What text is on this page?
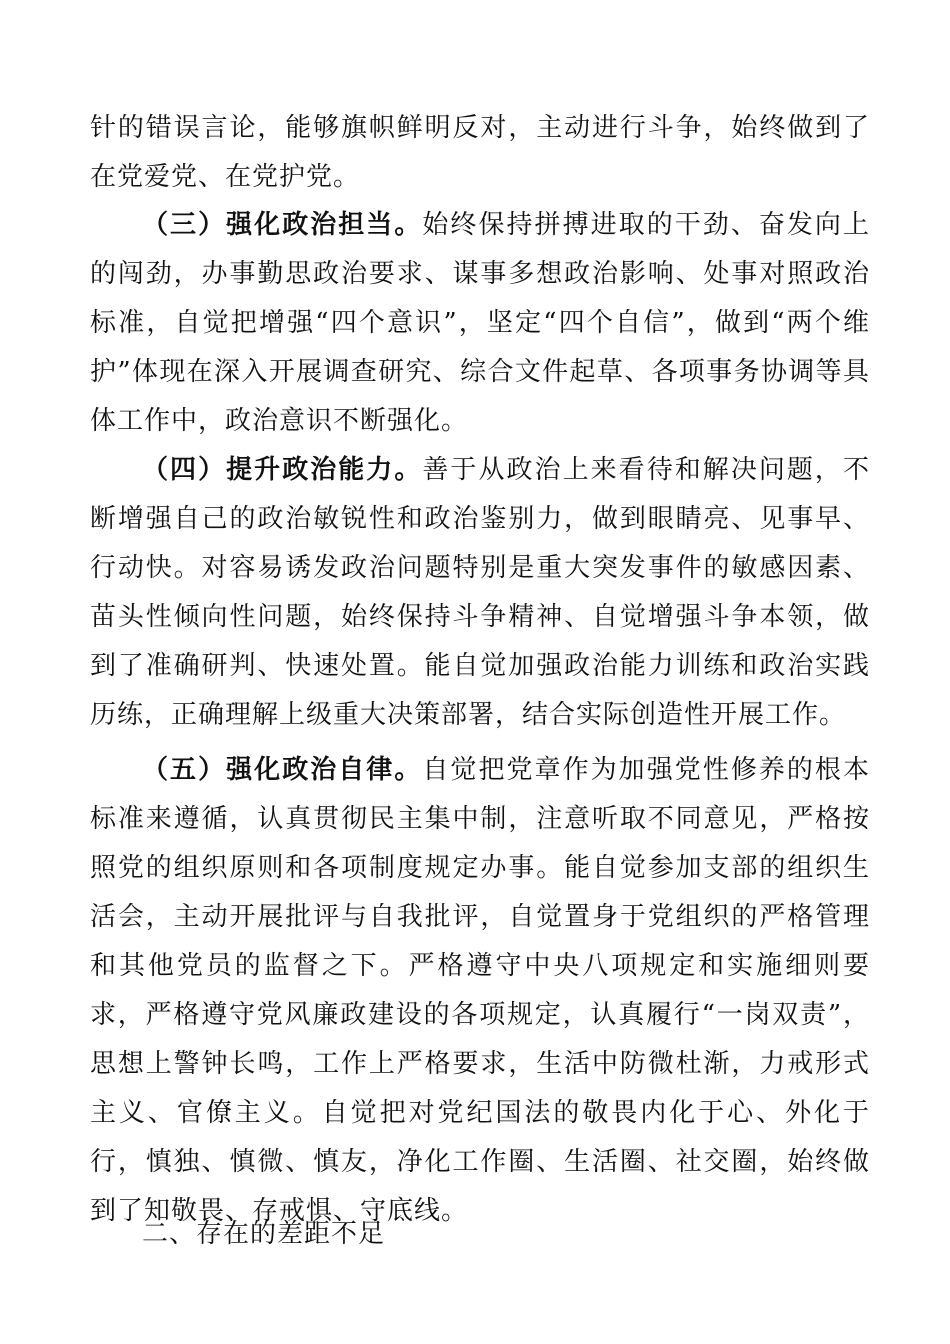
针的错误言论，能够旗帜鲜明反对，主动进行斗争，始终做到了在党爱党、在党护党。

（三）强化政治担当。始终保持拼搏进取的干劲、奋发向上的闯劲，办事勤思政治要求、谋事多想政治影响、处事对照政治标准，自觉把增强“四个意识”，坚定“四个自信”，做到“两个维护”体现在深入开展调查研究、综合文件起草、各项事务协调等具体工作中，政治意识不断强化。

（四）提升政治能力。善于从政治上来看待和解决问题，不断增强自己的政治敏锐性和政治鉴别力，做到眼睛亮、见事早、行动快。对容易诱发政治问题特别是重大突发事件的敏感因素、苗头性倾向性问题，始终保持斗争精神、自觉增强斗争本领，做到了准确研判、快速处置。能自觉加强政治能力训练和政治实践历练，正确理解上级重大决策部署，结合实际创造性开展工作。

（五）强化政治自律。自觉把党章作为加强党性修养的根本标准来遵循，认真贯彻民主集中制，注意听取不同意见，严格按照党的组织原则和各项制度规定办事。能自觉参加支部的组织生活会，主动开展批评与自我批评，自觉置身于党组织的严格管理和其他党员的监督之下。严格遵守中央八项规定和实施细则要求，严格遵守党风廉政建设的各项规定，认真履行“一岗双责”，思想上警钟长鸣，工作上严格要求，生活中防微杜渐，力戒形式主义、官僚主义。自觉把对党纪国法的敬畏内化于心、外化于行，慎独、慎微、慎友，净化工作圈、生活圈、社交圈，始终做到了知敬畏、存戒惧、守底线。

二、存在的差距不足
